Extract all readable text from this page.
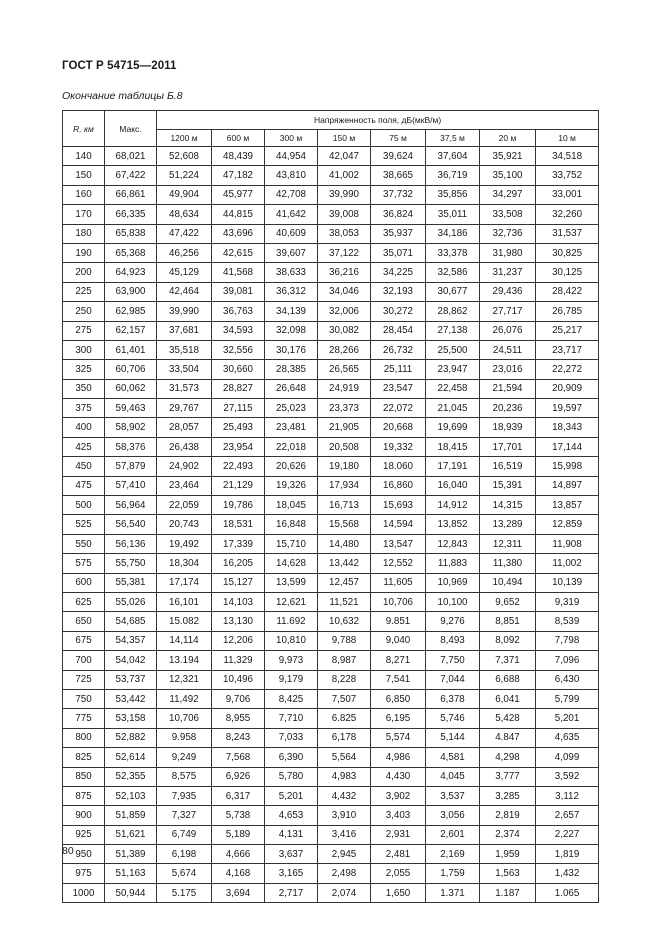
ГОСТ Р 54715—2011
Окончание таблицы Б.8
R, км	Макс.	Напряженность поля, дБ(мкВ/м)							
		1200 м	600 м	300 м	150 м	75 м	37,5 м	20 м	10 м
140	68,021	52,608	48,439	44,954	42,047	39,624	37,604	35,921	34,518
150	67,422	51,224	47,182	43,810	41,002	38,665	36,719	35,100	33,752
160	66,861	49,904	45,977	42,708	39,990	37,732	35,856	34,297	33,001
170	66,335	48,634	44,815	41,642	39,008	36,824	35,011	33,508	32,260
180	65,838	47,422	43,696	40,609	38,053	35,937	34,186	32,736	31,537
190	65,368	46,256	42,615	39,607	37,122	35,071	33,378	31,980	30,825
200	64,923	45,129	41,568	38,633	36,216	34,225	32,586	31,237	30,125
225	63,900	42,464	39,081	36,312	34,046	32,193	30,677	29,436	28,422
250	62,985	39,990	36,763	34,139	32,006	30,272	28,862	27,717	26,785
275	62,157	37,681	34,593	32,098	30,082	28,454	27,138	26,076	25,217
300	61,401	35,518	32,556	30,176	28,266	26,732	25,500	24,511	23,717
325	60,706	33,504	30,660	28,385	26,565	25,111	23,947	23,016	22,272
350	60,062	31,573	28,827	26,648	24,919	23,547	22,458	21,594	20,909
375	59,463	29,767	27,115	25,023	23,373	22,072	21,045	20,236	19,597
400	58,902	28,057	25,493	23,481	21,905	20,668	19,699	18,939	18,343
425	58,376	26,438	23,954	22,018	20,508	19,332	18,415	17,701	17,144
450	57,879	24,902	22,493	20,626	19,180	18.060	17,191	16,519	15,998
475	57,410	23,464	21,129	19,326	17,934	16,860	16,040	15,391	14,897
500	56,964	22,059	19,786	18,045	16,713	15,693	14,912	14,315	13,857
525	56,540	20,743	18,531	16,848	15,568	14,594	13,852	13,289	12,859
550	56,136	19,492	17,339	15,710	14,480	13,547	12,843	12,311	11,908
575	55,750	18,304	16,205	14,628	13,442	12,552	11,883	11,380	11,002
600	55,381	17,174	15,127	13,599	12,457	11,605	10,969	10,494	10,139
625	55,026	16,101	14,103	12,621	11,521	10,706	10,100	9,652	9,319
650	54,685	15.082	13,130	11.692	10,632	9.851	9,276	8,851	8,539
675	54,357	14,114	12,206	10,810	9,788	9,040	8,493	8,092	7,798
700	54,042	13.194	11,329	9,973	8,987	8,271	7,750	7,371	7,096
725	53,737	12,321	10,496	9,179	8,228	7,541	7,044	6,688	6,430
750	53,442	11,492	9,706	8,425	7,507	6,850	6,378	6,041	5,799
775	53,158	10,706	8,955	7,710	6.825	6,195	5,746	5,428	5,201
800	52,882	9.958	8,243	7,033	6,178	5,574	5,144	4.847	4,635
825	52,614	9,249	7,568	6,390	5,564	4,986	4,581	4,298	4,099
850	52,355	8,575	6,926	5,780	4,983	4,430	4,045	3,777	3,592
875	52,103	7,935	6,317	5,201	4,432	3,902	3,537	3,285	3,112
900	51,859	7,327	5,738	4,653	3,910	3,403	3,056	2,819	2,657
925	51,621	6,749	5,189	4,131	3,416	2,931	2,601	2,374	2,227
950	51,389	6,198	4,666	3,637	2,945	2,481	2,169	1,959	1,819
975	51,163	5,674	4,168	3,165	2,498	2,055	1,759	1,563	1,432
1000	50,944	5.175	3,694	2,717	2,074	1,650	1.371	1.187	1.065
80
